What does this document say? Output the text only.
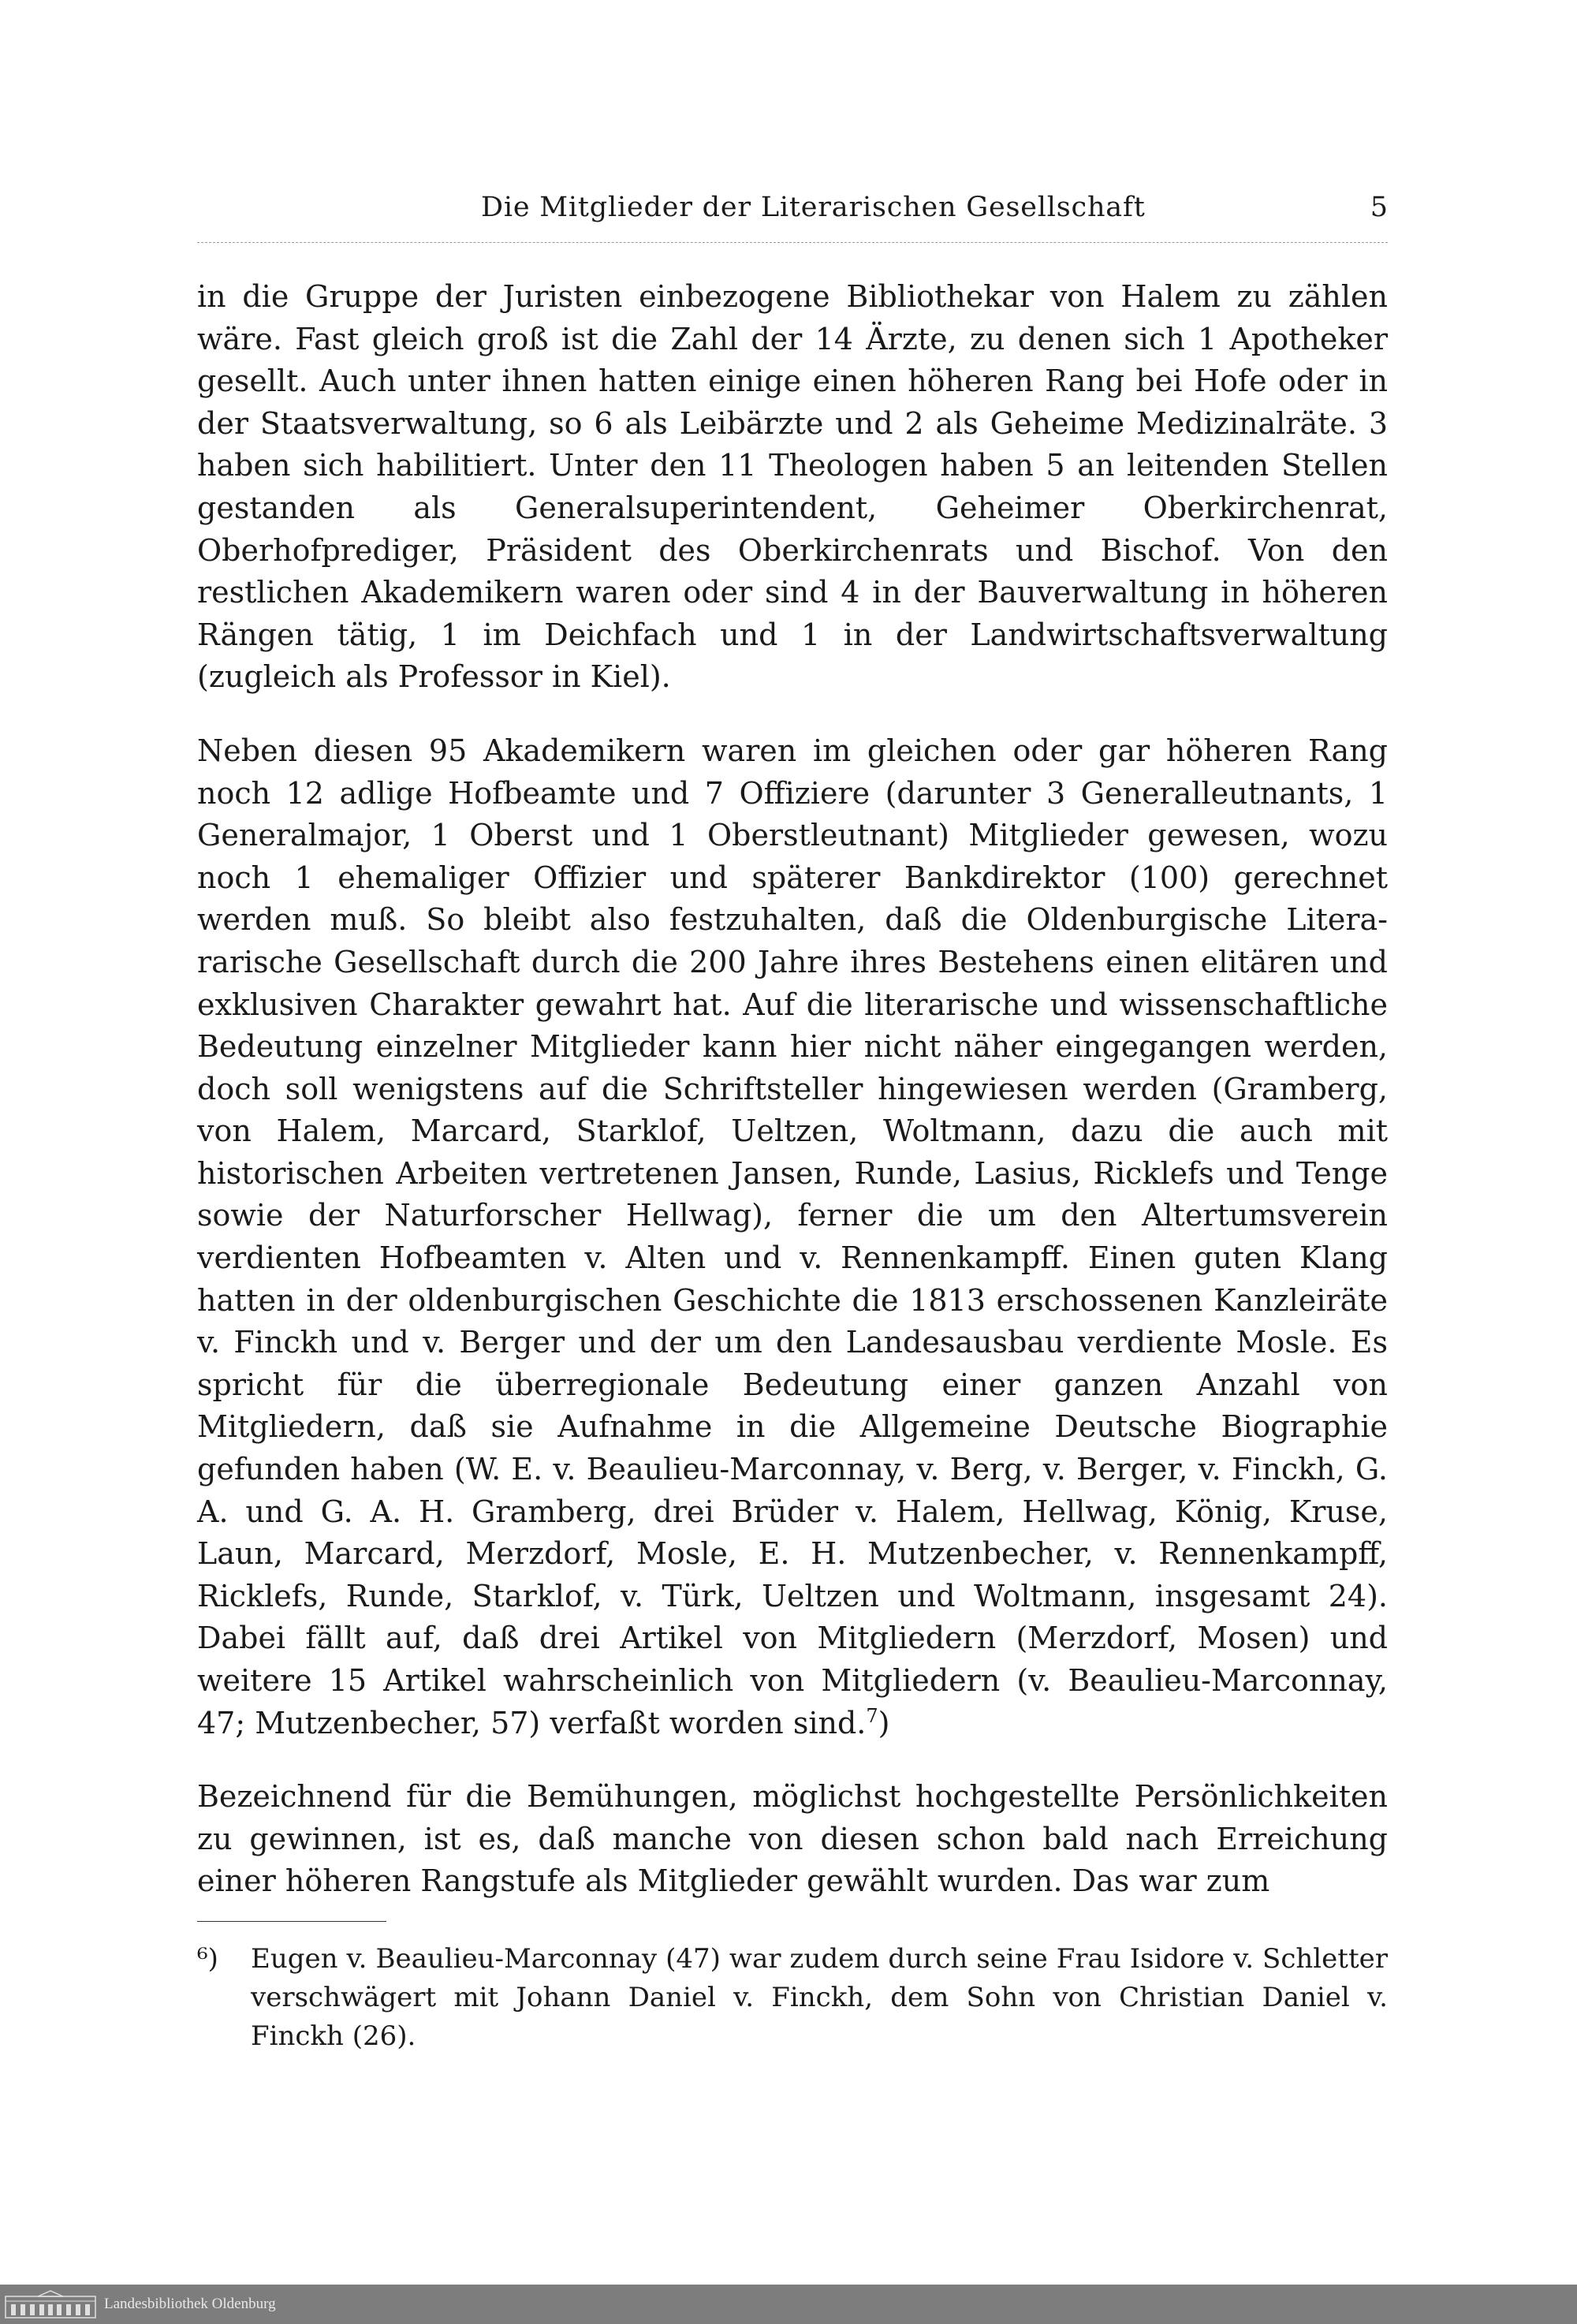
Die Mitglieder der Literarischen Gesellschaft	5

in die Gruppe der Juristen einbezogene Bibliothekar von Halem zu zählen wäre. Fast gleich groß ist die Zahl der 14 Ärzte, zu denen sich 1 Apotheker gesellt. Auch unter ihnen hatten einige einen höheren Rang bei Hofe oder in der Staatsverwaltung, so 6 als Leibärzte und 2 als Geheime Medizinalräte. 3 haben sich habilitiert. Unter den 11 Theologen haben 5 an leitenden Stellen gestanden als Generalsuperintendent, Geheimer Oberkirchenrat, Oberhofprediger, Präsident des Oberkirchenrats und Bischof. Von den restlichen Akademikern waren oder sind 4 in der Bauverwaltung in höheren Rängen tätig, 1 im Deichfach und 1 in der Landwirtschaftsverwaltung (zugleich als Professor in Kiel).

Neben diesen 95 Akademikern waren im gleichen oder gar höheren Rang noch 12 adlige Hofbeamte und 7 Offiziere (darunter 3 Generalleutnants, 1 Generalmajor, 1 Oberst und 1 Oberstleutnant) Mitglieder gewesen, wozu noch 1 ehemaliger Offizier und späterer Bankdirektor (100) gerechnet werden muß. So bleibt also festzuhalten, daß die Oldenburgische Literararische Gesellschaft durch die 200 Jahre ihres Bestehens einen elitären und exklusiven Charakter gewahrt hat. Auf die literarische und wissenschaftliche Bedeutung einzelner Mitglieder kann hier nicht näher eingegangen werden, doch soll wenigstens auf die Schriftsteller hingewiesen werden (Gramberg, von Halem, Marcard, Starklof, Ueltzen, Woltmann, dazu die auch mit historischen Arbeiten vertretenen Jansen, Runde, Lasius, Ricklefs und Tenge sowie der Naturforscher Hellwag), ferner die um den Altertumsverein verdienten Hofbeamten v. Alten und v. Rennenkampff. Einen guten Klang hatten in der oldenburgischen Geschichte die 1813 erschossenen Kanzleiräte v. Finckh und v. Berger und der um den Landesausbau verdiente Mosle. Es spricht für die überregionale Bedeutung einer ganzen Anzahl von Mitgliedern, daß sie Aufnahme in die Allgemeine Deutsche Biographie gefunden haben (W. E. v. Beaulieu-Marconnay, v. Berg, v. Berger, v. Finckh, G. A. und G. A. H. Gramberg, drei Brüder v. Halem, Hellwag, König, Kruse, Laun, Marcard, Merzdorf, Mosle, E. H. Mutzenbecher, v. Rennenkampff, Ricklefs, Runde, Starklof, v. Türk, Ueltzen und Woltmann, insgesamt 24). Dabei fällt auf, daß drei Artikel von Mitgliedern (Merzdorf, Mosen) und weitere 15 Artikel wahrscheinlich von Mitgliedern (v. Beaulieu-Marconnay, 47; Mutzenbecher, 57) verfaßt worden sind.$^7$)

Bezeichnend für die Bemühungen, möglichst hochgestellte Persönlichkeiten zu gewinnen, ist es, daß manche von diesen schon bald nach Erreichung einer höheren Rangstufe als Mitglieder gewählt wurden. Das war zum

⁶) Eugen v. Beaulieu-Marconnay (47) war zudem durch seine Frau Isidore v. Schletter verschwägert mit Johann Daniel v. Finckh, dem Sohn von Christian Daniel v. Finckh (26).

Landesbibliothek Oldenburg
